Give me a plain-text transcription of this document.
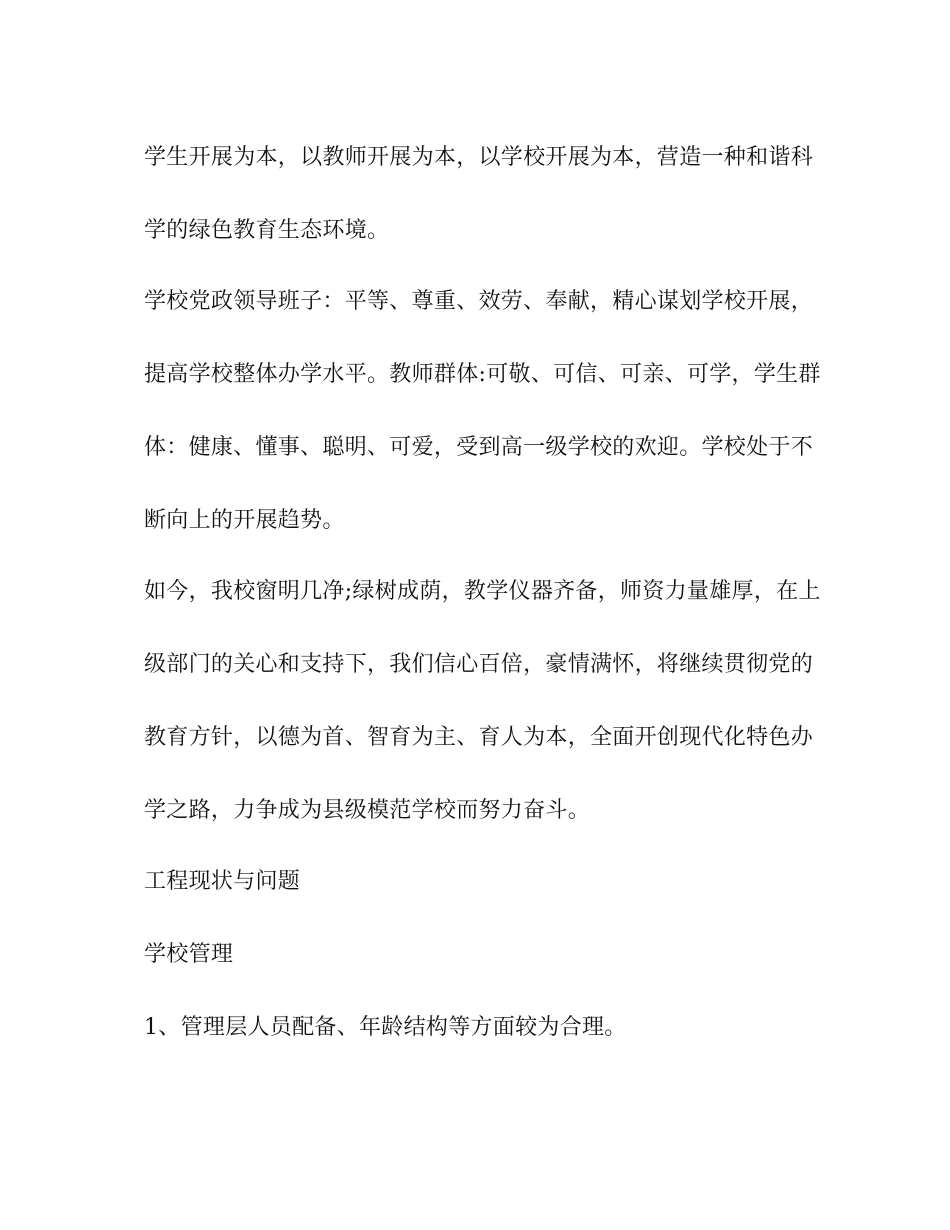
学生开展为本，以教师开展为本，以学校开展为本，营造一种和谐科
学的绿色教育生态环境。

学校党政领导班子：平等、尊重、效劳、奉献，精心谋划学校开展，
提高学校整体办学水平。教师群体:可敬、可信、可亲、可学，学生群
体：健康、懂事、聪明、可爱，受到高一级学校的欢迎。学校处于不
断向上的开展趋势。

如今，我校窗明几净;绿树成荫，教学仪器齐备，师资力量雄厚，在上
级部门的关心和支持下，我们信心百倍，豪情满怀，将继续贯彻党的
教育方针，以德为首、智育为主、育人为本，全面开创现代化特色办
学之路，力争成为县级模范学校而努力奋斗。

工程现状与问题

学校管理

1、管理层人员配备、年龄结构等方面较为合理。
